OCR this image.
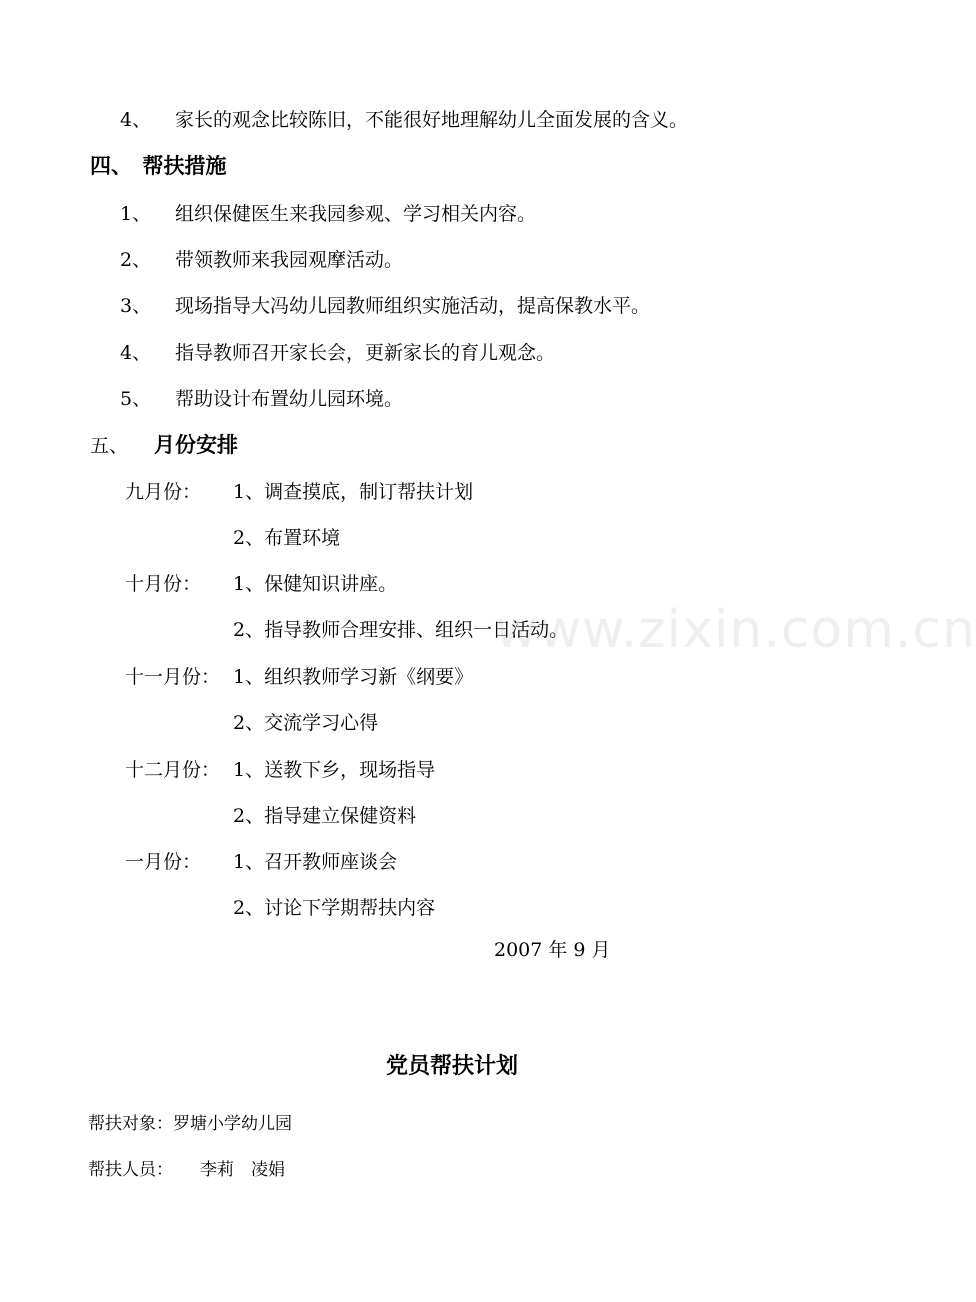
www.zixin.com.cn
4、 家长的观念比较陈旧，不能很好地理解幼儿全面发展的含义。
四、　帮扶措施
1、 组织保健医生来我园参观、学习相关内容。
2、 带领教师来我园观摩活动。
3、 现场指导大冯幼儿园教师组织实施活动，提高保教水平。
4、 指导教师召开家长会，更新家长的育儿观念。
5、 帮助设计布置幼儿园环境。
五、 月份安排
九月份： 1、调查摸底，制订帮扶计划
2、布置环境
十月份： 1、保健知识讲座。
2、指导教师合理安排、组织一日活动。
十一月份： 1、组织教师学习新《纲要》
2、交流学习心得
十二月份： 1、送教下乡，现场指导
2、指导建立保健资料
一月份： 1、召开教师座谈会
2、讨论下学期帮扶内容
2007 年 9 月
党员帮扶计划
帮扶对象：罗塘小学幼儿园
帮扶人员： 李莉　凌娟
